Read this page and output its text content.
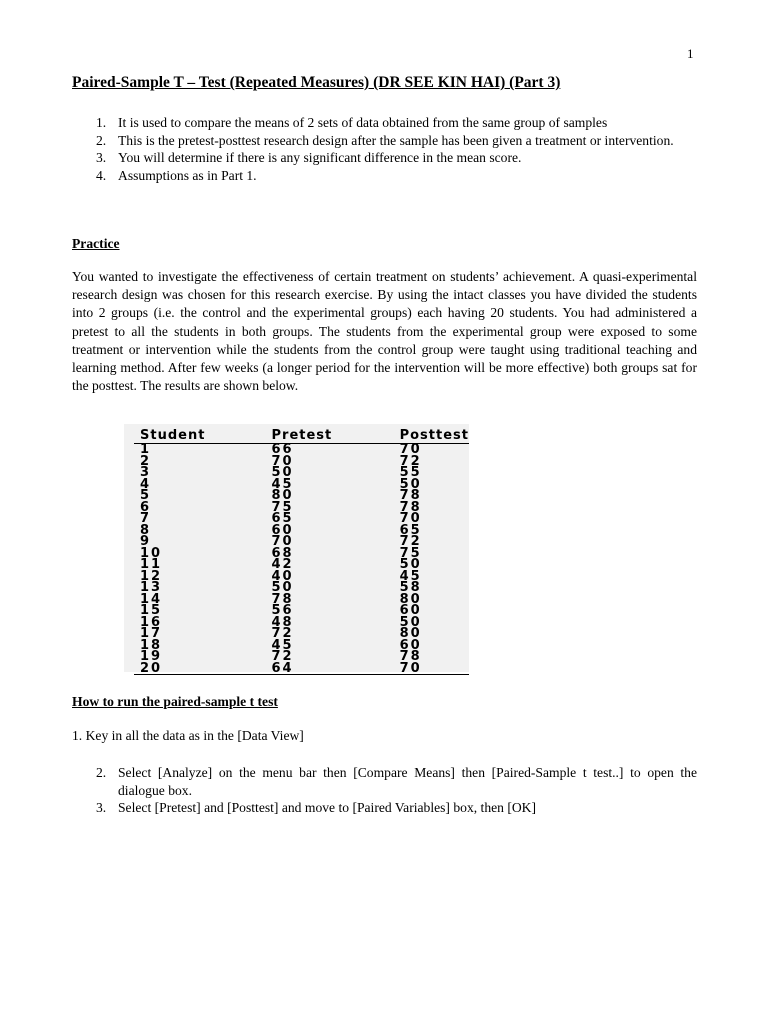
1
Paired-Sample T – Test (Repeated Measures) (DR SEE KIN HAI) (Part 3)
1. It is used to compare the means of 2 sets of data obtained from the same group of samples
2. This is the pretest-posttest research design after the sample has been given a treatment or intervention.
3. You will determine if there is any significant difference in the mean score.
4. Assumptions as in Part 1.
Practice

You wanted to investigate the effectiveness of certain treatment on students’ achievement. A quasi-experimental research design was chosen for this research exercise. By using the intact classes you have divided the students into 2 groups (i.e. the control and the experimental groups) each having 20 students. You had administered a pretest to all the students in both groups. The students from the experimental group were exposed to some treatment or intervention while the students from the control group were taught using traditional teaching and learning method. After few weeks (a longer period for the intervention will be more effective) both groups sat for the posttest. The results are shown below.

Student	Pretest	Posttest
1	66	70
2	70	72
3	50	55
4	45	50
5	80	78
6	75	78
7	65	70
8	60	65
9	70	72
10	68	75
11	42	50
12	40	45
13	50	58
14	78	80
15	56	60
16	48	50
17	72	80
18	45	60
19	72	78
20	64	70
How to run the paired-sample t test

1. Key in all the data as in the [Data View]

2. Select [Analyze] on the menu bar then [Compare Means] then [Paired-Sample t test..] to open the dialogue box.
3. Select [Pretest] and [Posttest] and move to [Paired Variables] box, then [OK]
